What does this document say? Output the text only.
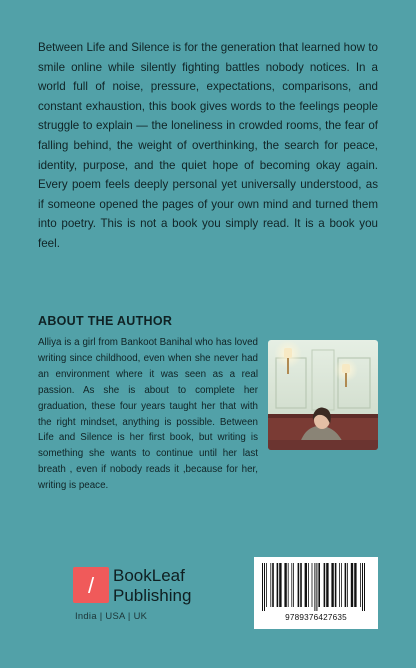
Between Life and Silence is for the generation that learned how to smile online while silently fighting battles nobody notices. In a world full of noise, pressure, expectations, comparisons, and constant exhaustion, this book gives words to the feelings people struggle to explain — the loneliness in crowded rooms, the fear of falling behind, the weight of overthinking, the search for peace, identity, purpose, and the quiet hope of becoming okay again. Every poem feels deeply personal yet universally understood, as if someone opened the pages of your own mind and turned them into poetry. This is not a book you simply read. It is a book you feel.

ABOUT THE AUTHOR

Alliya is a girl from Bankoot Banihal who has loved writing since childhood, even when she never had an environment where it was seen as a real passion. As she is about to complete her graduation, these four years taught her that with the right mindset, anything is possible. Between Life and Silence is her first book, but writing is something she wants to continue until her last breath , even if nobody reads it ,because for her, writing is peace.

/ BookLeaf
Publishing
India | USA | UK	9789376427635
